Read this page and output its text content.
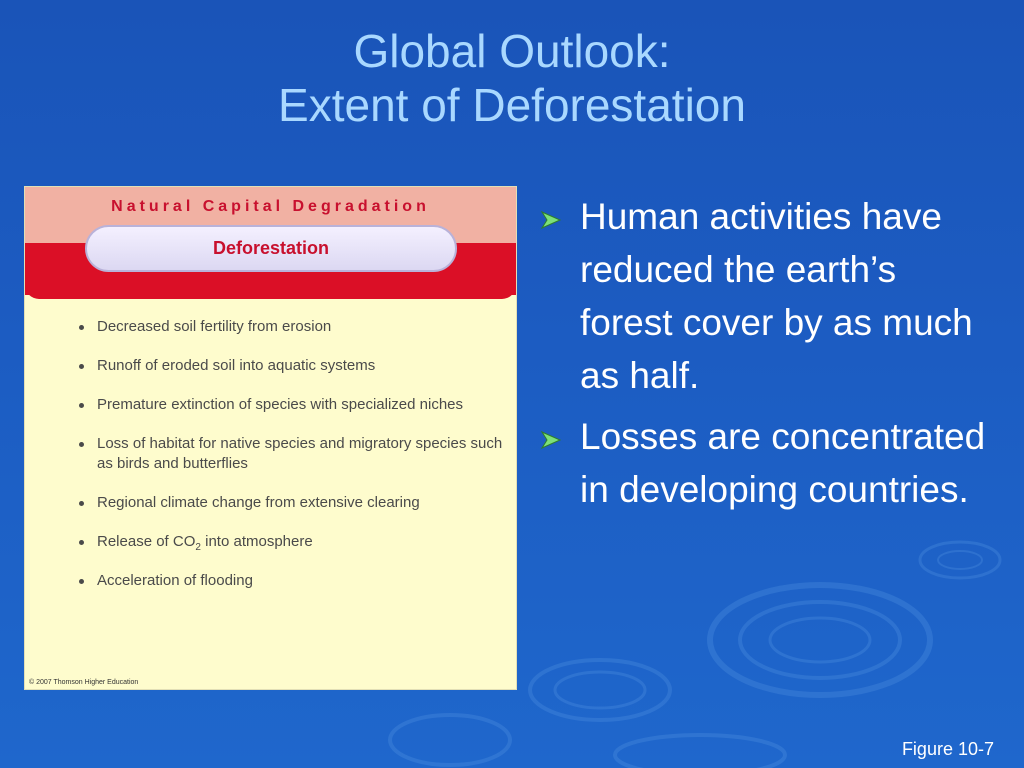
Global Outlook:
Extent of Deforestation

Natural Capital Degradation

Deforestation
Decreased soil fertility from erosion
Runoff of eroded soil into aquatic systems
Premature extinction of species with specialized niches
Loss of habitat for native species and migratory species such as birds and butterflies
Regional climate change from extensive clearing
Release of $CO_2$ into atmosphere
Acceleration of flooding

© 2007 Thomson Higher Education

Human activities have reduced the earth’s forest cover by as much as half.
Losses are concentrated in developing countries.

Figure 10-7
